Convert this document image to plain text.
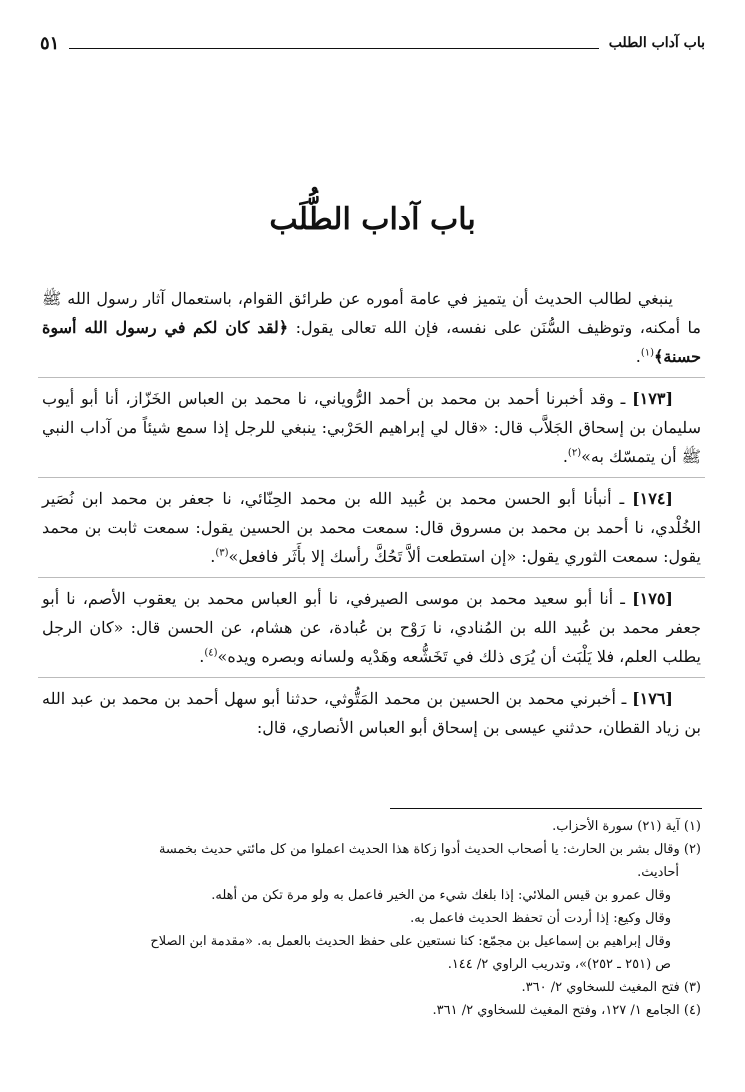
باب آداب الطلب
٥١
باب آداب الطُّلَب

ينبغي لطالب الحديث أن يتميز في عامة أموره عن طرائق القوام، باستعمال آثار رسول الله ﷺ ما أمكنه، وتوظيف السُّنَن على نفسه، فإن الله تعالى يقول: ﴿لقد كان لكم في رسول الله أسوة حسنة﴾$^{(١)}$.

[١٧٣] ـ وقد أخبرنا أحمد بن محمد بن أحمد الرُّوياني، نا محمد بن العباس الخَزّاز، أنا أبو أيوب سليمان بن إسحاق الجَلاَّب قال: «قال لي إبراهيم الحَرْبي: ينبغي للرجل إذا سمع شيئاً من آداب النبي ﷺ أن يتمسّك به»$^{(٢)}$.

[١٧٤] ـ أنبأنا أبو الحسن محمد بن عُبيد الله بن محمد الحِنّائي، نا جعفر بن محمد ابن نُصَير الخُلْدي، نا أحمد بن محمد بن مسروق قال: سمعت محمد بن الحسين يقول: سمعت ثابت بن محمد يقول: سمعت الثوري يقول: «إن استطعت ألاَّ تَحُكَّ رأسك إلا بأَثَر فافعل»$^{(٣)}$.

[١٧٥] ـ أنا أبو سعيد محمد بن موسى الصيرفي، نا أبو العباس محمد بن يعقوب الأصم، نا أبو جعفر محمد بن عُبيد الله بن المُنادي، نا رَوْح بن عُبادة، عن هشام، عن الحسن قال: «كان الرجل يطلب العلم، فلا يَلْبَث أن يُرَى ذلك في تَخَشُّعه وهَدْيه ولسانه وبصره ويده»$^{(٤)}$.

[١٧٦] ـ أخبرني محمد بن الحسين بن محمد المَتُّوثي، حدثنا أبو سهل أحمد بن محمد بن عبد الله بن زياد القطان، حدثني عيسى بن إسحاق أبو العباس الأنصاري، قال:

(١) آية (٢١) سورة الأحزاب.

(٢) وقال بشر بن الحارث: يا أصحاب الحديث أدوا زكاة هذا الحديث اعملوا من كل مائتي حديث بخمسة

أحاديث.

وقال عمرو بن قيس الملائي: إذا بلغك شيء من الخير فاعمل به ولو مرة تكن من أهله.

وقال وكيع: إذا أردت أن تحفظ الحديث فاعمل به.

وقال إبراهيم بن إسماعيل بن مجمّع: كنا نستعين على حفظ الحديث بالعمل به. «مقدمة ابن الصلاح

ص (٢٥١ ـ ٢٥٢)»، وتدريب الراوي ٢/ ١٤٤.

(٣) فتح المغيث للسخاوي ٢/ ٣٦٠.

(٤) الجامع ١/ ١٢٧، وفتح المغيث للسخاوي ٢/ ٣٦١.
